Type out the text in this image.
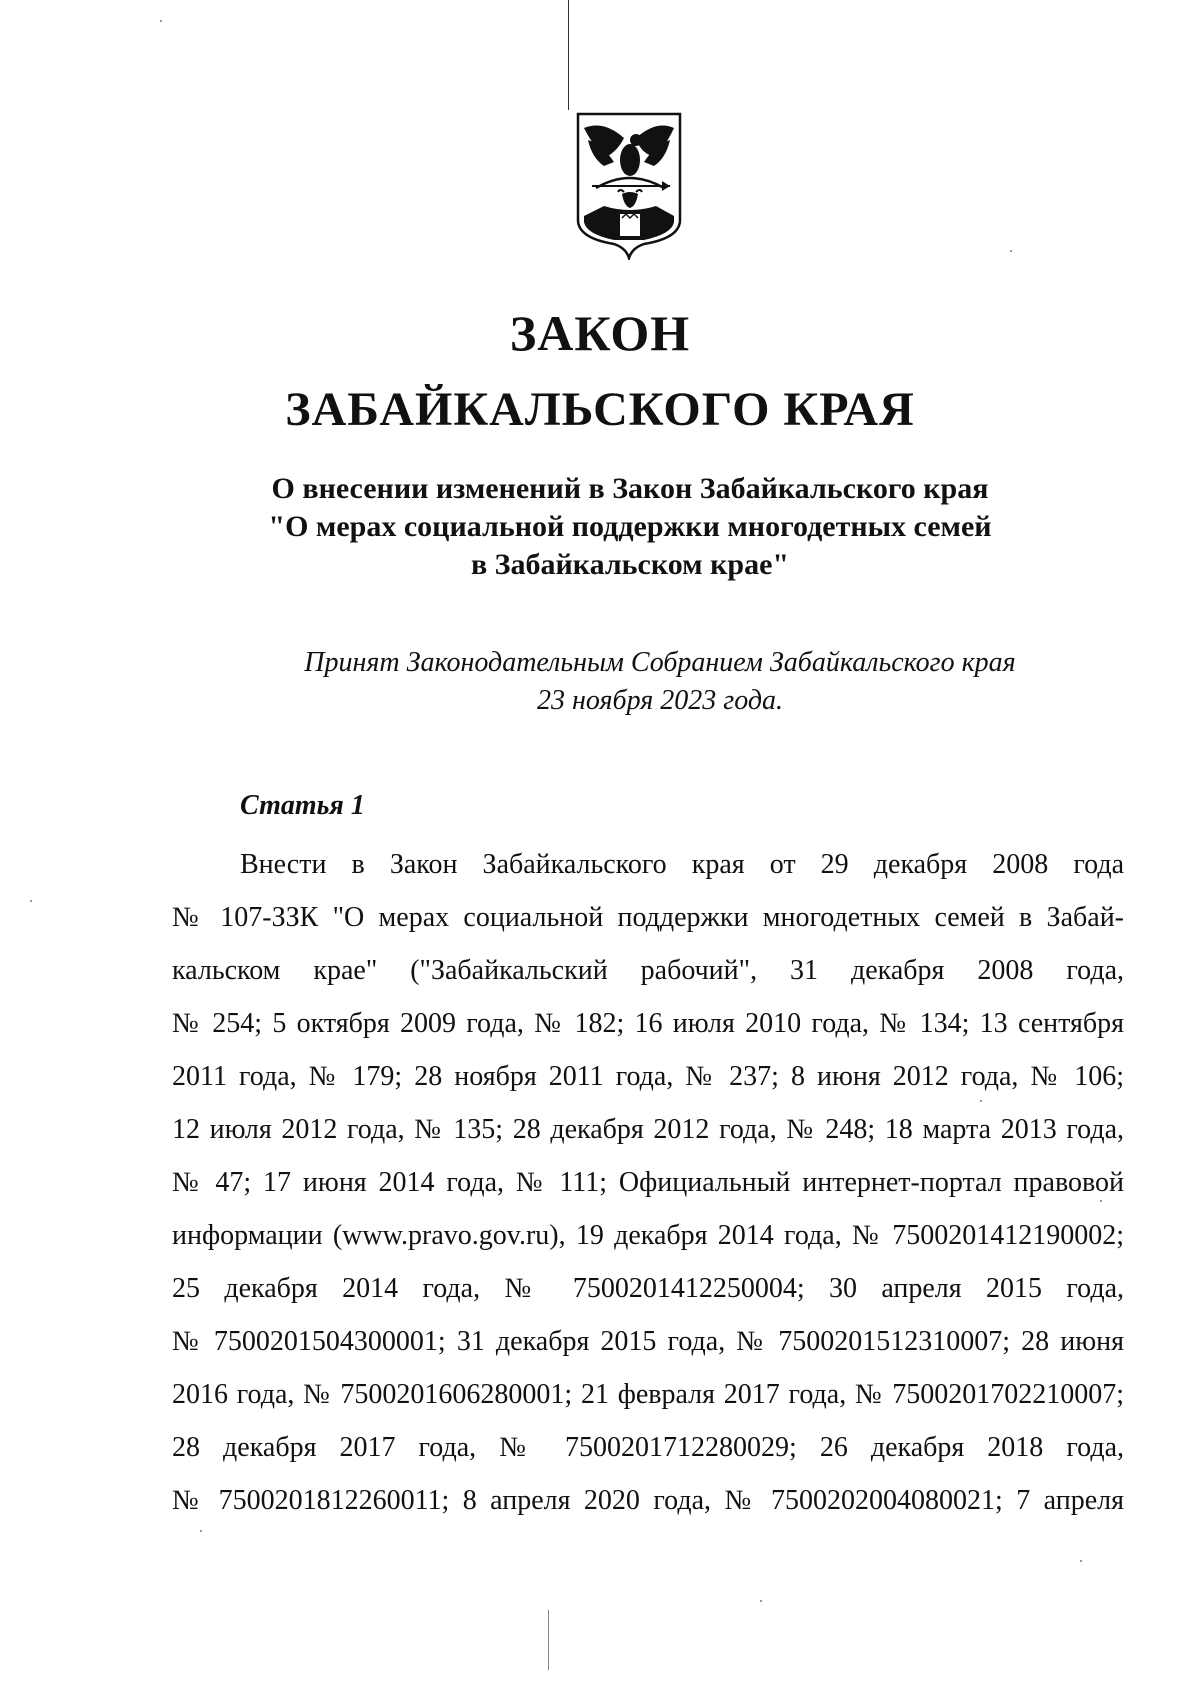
ЗАКОН
ЗАБАЙКАЛЬСКОГО КРАЯ
О внесении изменений в Закон Забайкальского края
"О мерах социальной поддержки многодетных семей
в Забайкальском крае"
Принят Законодательным Собранием Забайкальского края
23 ноября 2023 года.
Статья 1
Внести в Закон Забайкальского края от 29 декабря 2008 года
№ 107-ЗЗК "О мерах социальной поддержки многодетных семей в Забай-
кальском крае" ("Забайкальский рабочий", 31 декабря 2008 года,
№ 254; 5 октября 2009 года, № 182; 16 июля 2010 года, № 134; 13 сентября
2011 года, № 179; 28 ноября 2011 года, № 237; 8 июня 2012 года, № 106;
12 июля 2012 года, № 135; 28 декабря 2012 года, № 248; 18 марта 2013 года,
№ 47; 17 июня 2014 года, № 111; Официальный интернет-портал правовой
информации (www.pravo.gov.ru), 19 декабря 2014 года, № 7500201412190002;
25 декабря 2014 года, № 7500201412250004; 30 апреля 2015 года,
№ 7500201504300001; 31 декабря 2015 года, № 7500201512310007; 28 июня
2016 года, № 7500201606280001; 21 февраля 2017 года, № 7500201702210007;
28 декабря 2017 года, № 7500201712280029; 26 декабря 2018 года,
№ 7500201812260011; 8 апреля 2020 года, № 7500202004080021; 7 апреля
